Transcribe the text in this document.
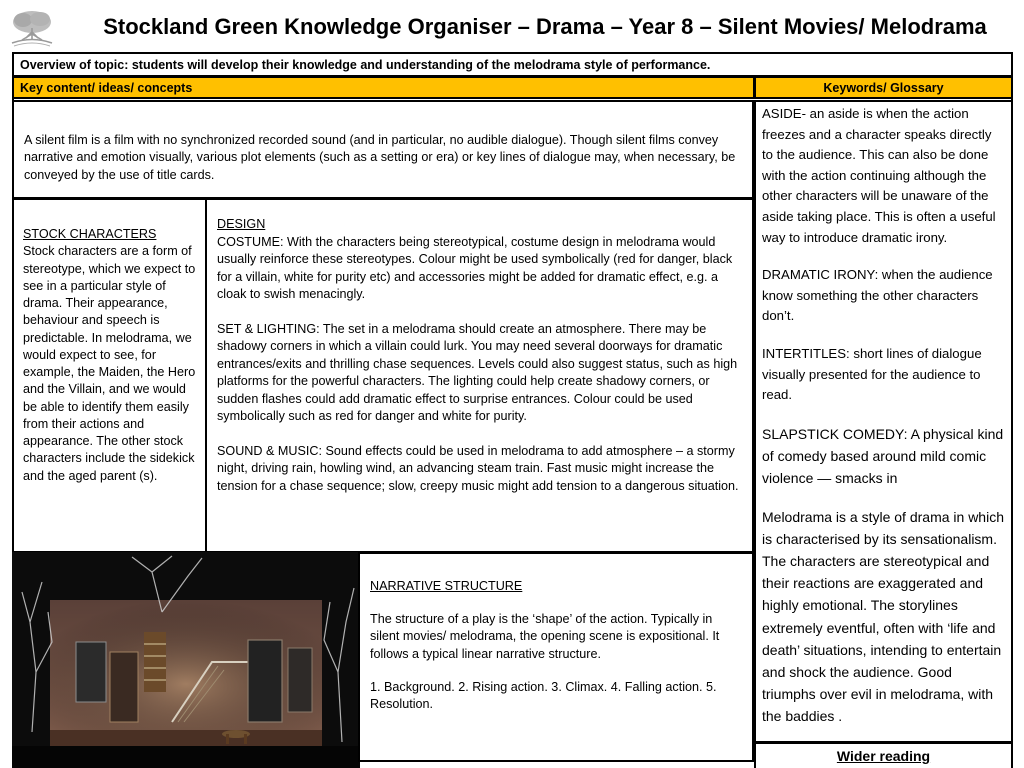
Stockland Green Knowledge Organiser – Drama – Year 8 – Silent Movies/ Melodrama
Overview of topic: students will develop their knowledge and understanding of the melodrama style of performance.
Key content/ ideas/ concepts	Keywords/ Glossary

A silent film is a film with no synchronized recorded sound (and in particular, no audible dialogue). Though silent films convey narrative and emotion visually, various plot elements (such as a setting or era) or key lines of dialogue may, when necessary, be conveyed by the use of title cards.

STOCK CHARACTERS

Stock characters are a form of stereotype, which we expect to see in a particular style of drama. Their appearance, behaviour and speech is predictable. In melodrama, we would expect to see, for example, the Maiden, the Hero and the Villain, and we would be able to identify them easily from their actions and appearance. The other stock characters include the sidekick and the aged parent (s).

DESIGN

COSTUME: With the characters being stereotypical, costume design in melodrama would usually reinforce these stereotypes. Colour might be used symbolically (red for danger, black for a villain, white for purity etc) and accessories might be added for dramatic effect, e.g. a cloak to swish menacingly.

SET & LIGHTING: The set in a melodrama should create an atmosphere. There may be shadowy corners in which a villain could lurk. You may need several doorways for dramatic entrances/exits and thrilling chase sequences. Levels could also suggest status, such as high platforms for the powerful characters. The lighting could help create shadowy corners, or sudden flashes could add dramatic effect to surprise entrances. Colour could be used symbolically such as red for danger and white for purity.

SOUND & MUSIC: Sound effects could be used in melodrama to add atmosphere – a stormy night, driving rain, howling wind, an advancing steam train. Fast music might increase the tension for a chase sequence; slow, creepy music might add tension to a dangerous situation.

NARRATIVE STRUCTURE

The structure of a play is the ‘shape’ of the action. Typically in silent movies/ melodrama, the opening scene is expositional. It follows a typical linear narrative structure.

1. Background. 2. Rising action. 3. Climax. 4. Falling action. 5. Resolution.

ASIDE- an aside is when the action freezes and a character speaks directly to the audience. This can also be done with the action continuing although the other characters will be unaware of the aside taking place. This is often a useful way to introduce dramatic irony.

DRAMATIC IRONY: when the audience know something the other characters don’t.

INTERTITLES: short lines of dialogue visually presented for the audience to read.

SLAPSTICK COMEDY: A physical kind of comedy based around mild comic violence — smacks in

Melodrama is a style of drama in which is characterised by its sensationalism. The characters are stereotypical and their reactions are exaggerated and highly emotional. The storylines extremely eventful, often with ‘life and death’ situations, intending to entertain and shock the audience. Good triumphs over evil in melodrama, with the baddies .

Wider reading
